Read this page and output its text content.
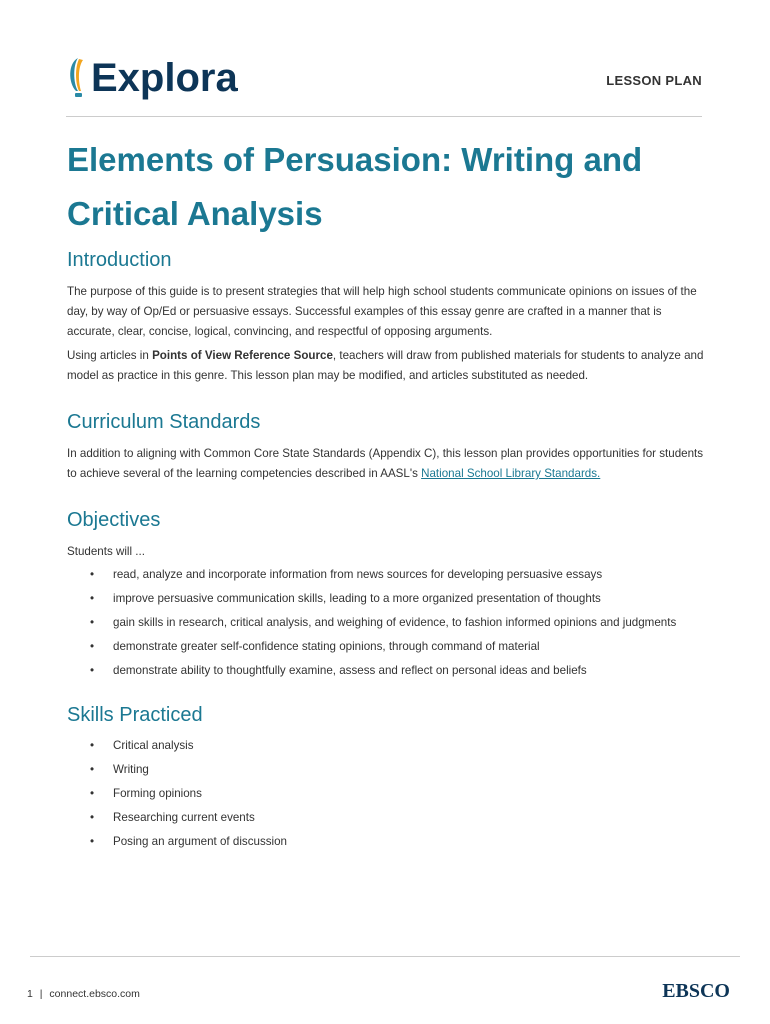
Explora	LESSON PLAN
Elements of Persuasion: Writing and Critical Analysis
Introduction

The purpose of this guide is to present strategies that will help high school students communicate opinions on issues of the day, by way of Op/Ed or persuasive essays. Successful examples of this essay genre are crafted in a manner that is accurate, clear, concise, logical, convincing, and respectful of opposing arguments.

Using articles in Points of View Reference Source, teachers will draw from published materials for students to analyze and model as practice in this genre. This lesson plan may be modified, and articles substituted as needed.

Curriculum Standards

In addition to aligning with Common Core State Standards (Appendix C), this lesson plan provides opportunities for students to achieve several of the learning competencies described in AASL's National School Library Standards.

Objectives

Students will ...

• read, analyze and incorporate information from news sources for developing persuasive essays
• improve persuasive communication skills, leading to a more organized presentation of thoughts
• gain skills in research, critical analysis, and weighing of evidence, to fashion informed opinions and judgments
• demonstrate greater self-confidence stating opinions, through command of material
• demonstrate ability to thoughtfully examine, assess and reflect on personal ideas and beliefs
Skills Practiced
• Critical analysis
• Writing
• Forming opinions
• Researching current events
• Posing an argument of discussion
1 | connect.ebsco.com	EBSCO
